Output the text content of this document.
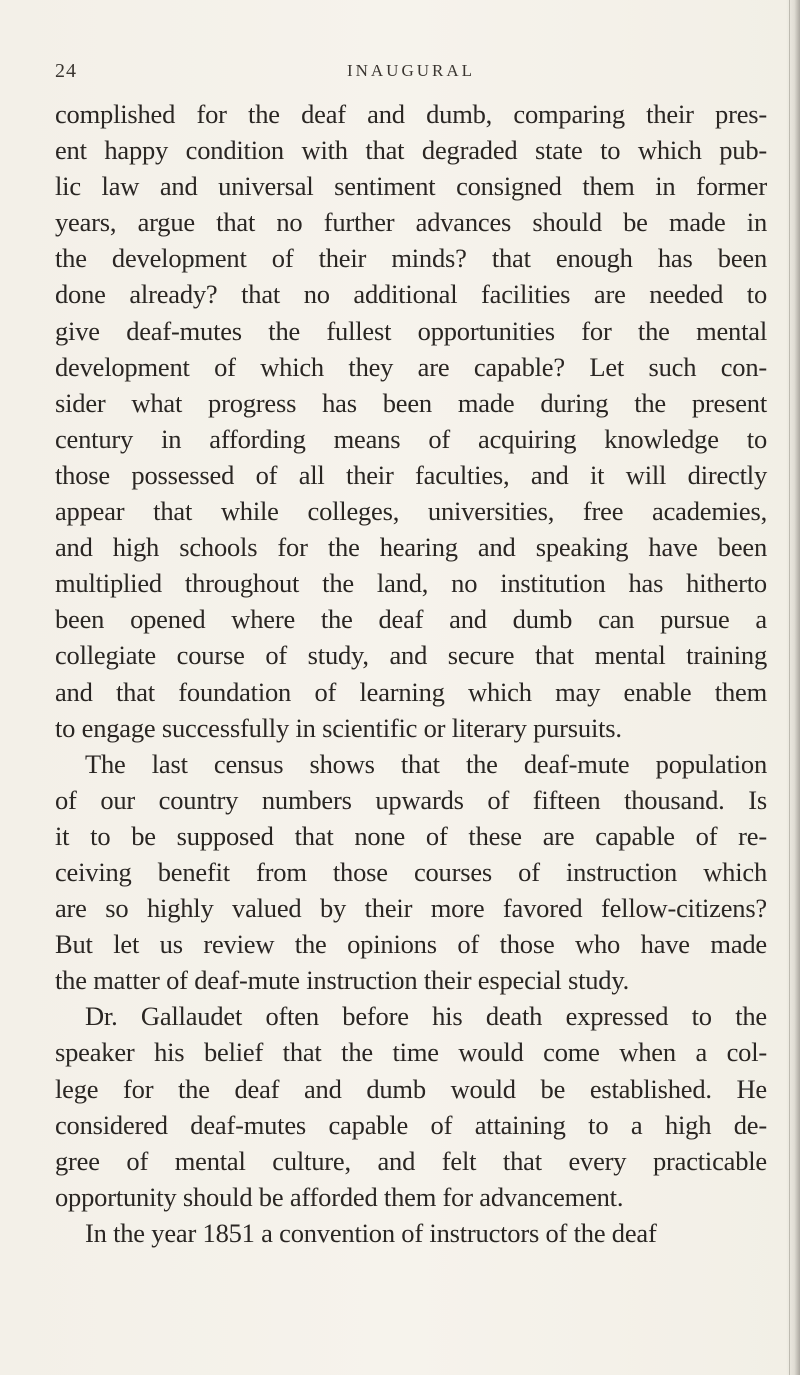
24	INAUGURAL
complished for the deaf and dumb, comparing their pres-
ent happy condition with that degraded state to which pub-
lic law and universal sentiment consigned them in former
years, argue that no further advances should be made in
the development of their minds? that enough has been
done already? that no additional facilities are needed to
give deaf-mutes the fullest opportunities for the mental
development of which they are capable? Let such con-
sider what progress has been made during the present
century in affording means of acquiring knowledge to
those possessed of all their faculties, and it will directly
appear that while colleges, universities, free academies,
and high schools for the hearing and speaking have been
multiplied throughout the land, no institution has hitherto
been opened where the deaf and dumb can pursue a
collegiate course of study, and secure that mental training
and that foundation of learning which may enable them
to engage successfully in scientific or literary pursuits.
The last census shows that the deaf-mute population
of our country numbers upwards of fifteen thousand. Is
it to be supposed that none of these are capable of re-
ceiving benefit from those courses of instruction which
are so highly valued by their more favored fellow-citizens?
But let us review the opinions of those who have made
the matter of deaf-mute instruction their especial study.
Dr. Gallaudet often before his death expressed to the
speaker his belief that the time would come when a col-
lege for the deaf and dumb would be established. He
considered deaf-mutes capable of attaining to a high de-
gree of mental culture, and felt that every practicable
opportunity should be afforded them for advancement.
In the year 1851 a convention of instructors of the deaf
